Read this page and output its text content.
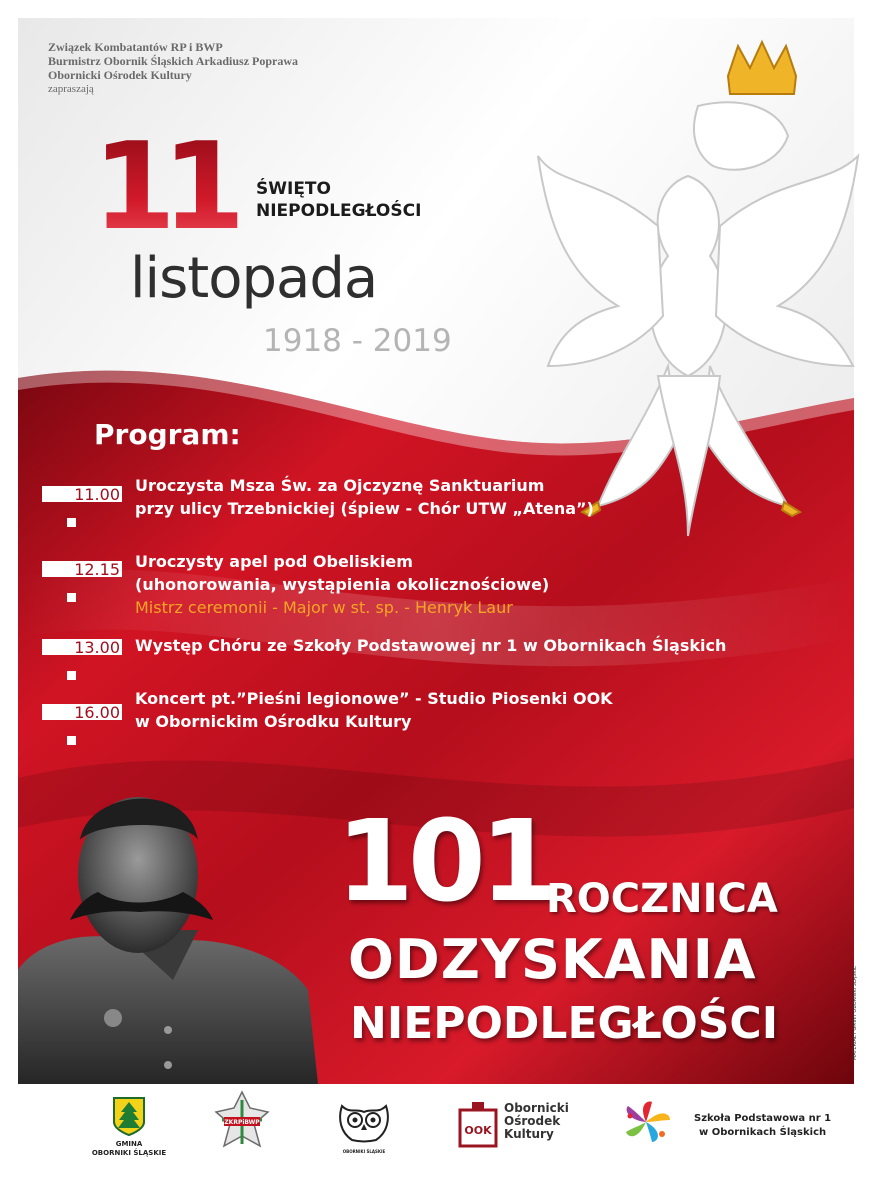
Związek Kombatantów RP i BWP
Burmistrz Obornik Śląskich Arkadiusz Poprawa
Obornicki Ośrodek Kultury
zapraszają
11	ŚWIĘTO
NIEPODLEGŁOŚCI
listopada
1918 - 2019
Program:
11.00 Uroczysta Msza Św. za Ojczyznę Sanktuarium
przy ulicy Trzebnickiej (śpiew - Chór UTW „Atena”)
12.15 Uroczysty apel pod Obeliskiem
(uhonorowania, wystąpienia okolicznościowe)
Mistrz ceremonii - Major w st. sp. - Henryk Laur
13.00 Występ Chóru ze Szkoły Podstawowej nr 1 w Obornikach Śląskich
16.00
Koncert pt.”Pieśni legionowe” - Studio Piosenki OOK
w Obornickim Ośrodku Kultury
101
ROCZNICA
ODZYSKANIA
NIEPODLEGŁOŚCI
GMINA
OBORNIKI ŚLĄSKIE
ZKRPiBWP
OBORNIKI ŚLĄSKIE
OOK
Obornicki
Ośrodek
Kultury
Szkoła Podstawowa nr 1
w Obornikach Śląskich
MATERIAŁY GMINY OBORNIKI ŚLĄSKIE
